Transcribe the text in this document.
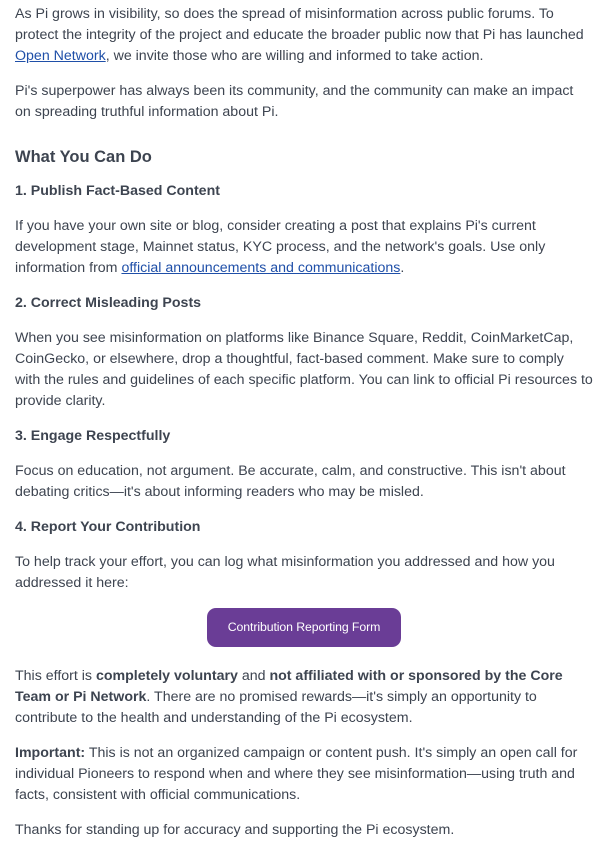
As Pi grows in visibility, so does the spread of misinformation across public forums. To protect the integrity of the project and educate the broader public now that Pi has launched Open Network, we invite those who are willing and informed to take action.

Pi's superpower has always been its community, and the community can make an impact on spreading truthful information about Pi.

What You Can Do
1. Publish Fact-Based Content

If you have your own site or blog, consider creating a post that explains Pi's current development stage, Mainnet status, KYC process, and the network's goals. Use only information from official announcements and communications.

2. Correct Misleading Posts

When you see misinformation on platforms like Binance Square, Reddit, CoinMarketCap, CoinGecko, or elsewhere, drop a thoughtful, fact-based comment. Make sure to comply with the rules and guidelines of each specific platform. You can link to official Pi resources to provide clarity.

3. Engage Respectfully

Focus on education, not argument. Be accurate, calm, and constructive. This isn't about debating critics—it's about informing readers who may be misled.

4. Report Your Contribution

To help track your effort, you can log what misinformation you addressed and how you addressed it here:

Contribution Reporting Form

This effort is completely voluntary and not affiliated with or sponsored by the Core Team or Pi Network. There are no promised rewards—it's simply an opportunity to contribute to the health and understanding of the Pi ecosystem.

Important: This is not an organized campaign or content push. It's simply an open call for individual Pioneers to respond when and where they see misinformation—using truth and facts, consistent with official communications.

Thanks for standing up for accuracy and supporting the Pi ecosystem.
